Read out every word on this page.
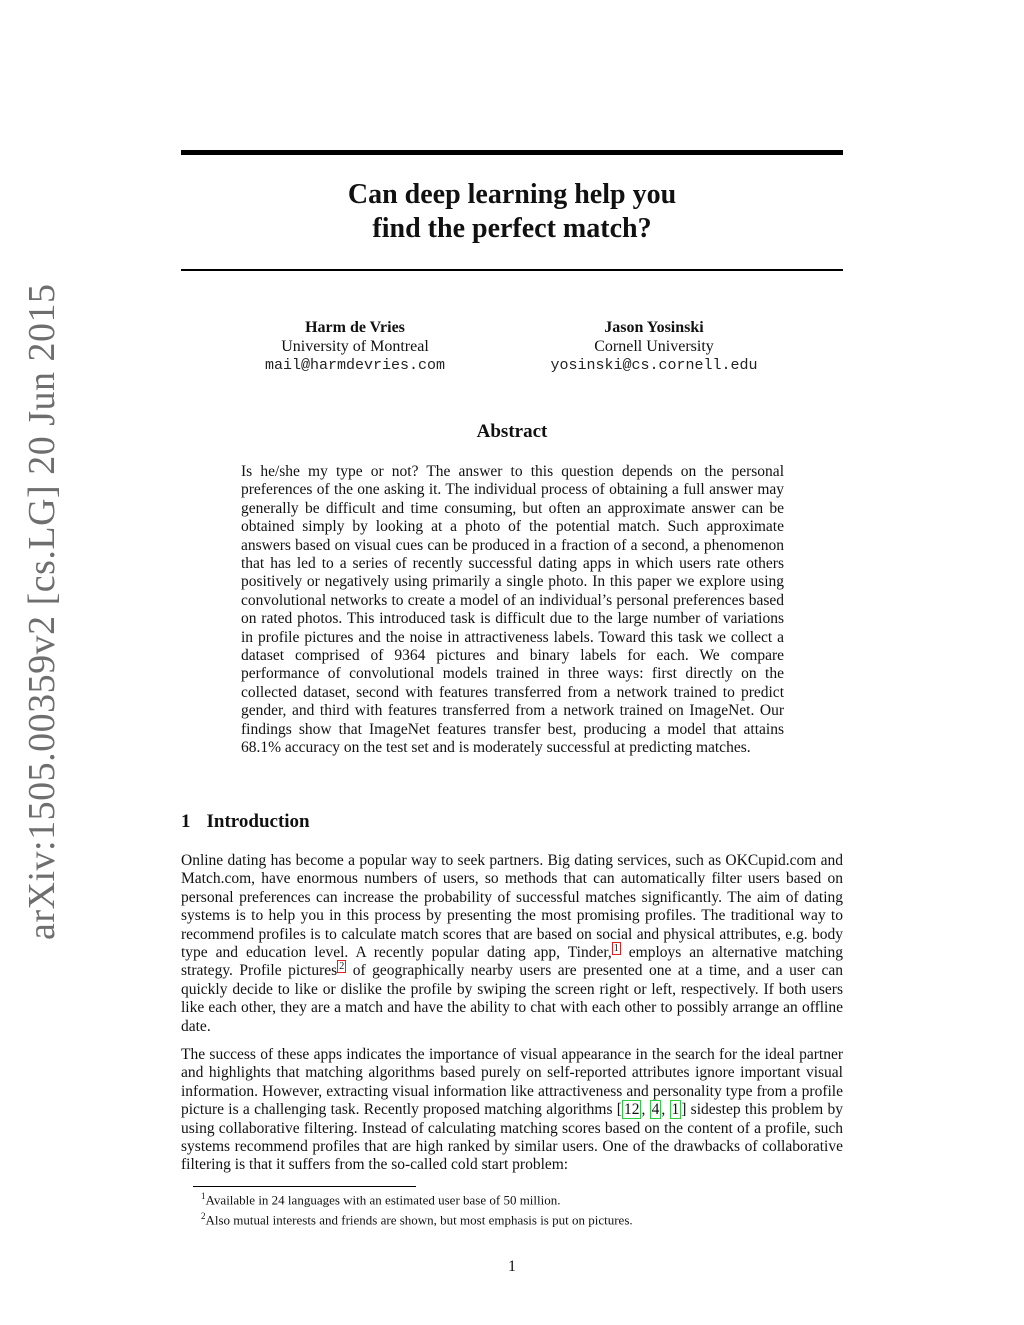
arXiv:1505.00359v2 [cs.LG] 20 Jun 2015
Can deep learning help you
find the perfect match?
Harm de Vries
University of Montreal
mail@harmdevries.com
Jason Yosinski
Cornell University
yosinski@cs.cornell.edu
Abstract
Is he/she my type or not? The answer to this question depends on the personal preferences of the one asking it. The individual process of obtaining a full answer may generally be difficult and time consuming, but often an approximate answer can be obtained simply by looking at a photo of the potential match. Such approximate answers based on visual cues can be produced in a fraction of a second, a phenomenon that has led to a series of recently successful dating apps in which users rate others positively or negatively using primarily a single photo. In this paper we explore using convolutional networks to create a model of an individual’s personal preferences based on rated photos. This introduced task is difficult due to the large number of variations in profile pictures and the noise in attractiveness labels. Toward this task we collect a dataset comprised of 9364 pictures and binary labels for each. We compare performance of convolutional models trained in three ways: first directly on the collected dataset, second with features transferred from a network trained to predict gender, and third with features transferred from a network trained on ImageNet. Our findings show that ImageNet features transfer best, producing a model that attains 68.1% accuracy on the test set and is moderately successful at predicting matches.
1 Introduction
Online dating has become a popular way to seek partners. Big dating services, such as OKCupid.com and Match.com, have enormous numbers of users, so methods that can automatically filter users based on personal preferences can increase the probability of successful matches significantly. The aim of dating systems is to help you in this process by presenting the most promising profiles. The traditional way to recommend profiles is to calculate match scores that are based on social and physical attributes, e.g. body type and education level. A recently popular dating app, Tinder, $^1$ employs an alternative matching strategy. Profile pictures $^2$ of geographically nearby users are presented one at a time, and a user can quickly decide to like or dislike the profile by swiping the screen right or left, respectively. If both users like each other, they are a match and have the ability to chat with each other to possibly arrange an offline date.
The success of these apps indicates the importance of visual appearance in the search for the ideal partner and highlights that matching algorithms based purely on self-reported attributes ignore important visual information. However, extracting visual information like attractiveness and personality type from a profile picture is a challenging task. Recently proposed matching algorithms [ 12 , 4 , 1 ] sidestep this problem by using collaborative filtering. Instead of calculating matching scores based on the content of a profile, such systems recommend profiles that are high ranked by similar users. One of the drawbacks of collaborative filtering is that it suffers from the so-called cold start problem:
$^1$Available in 24 languages with an estimated user base of 50 million.
$^2$Also mutual interests and friends are shown, but most emphasis is put on pictures.
1
